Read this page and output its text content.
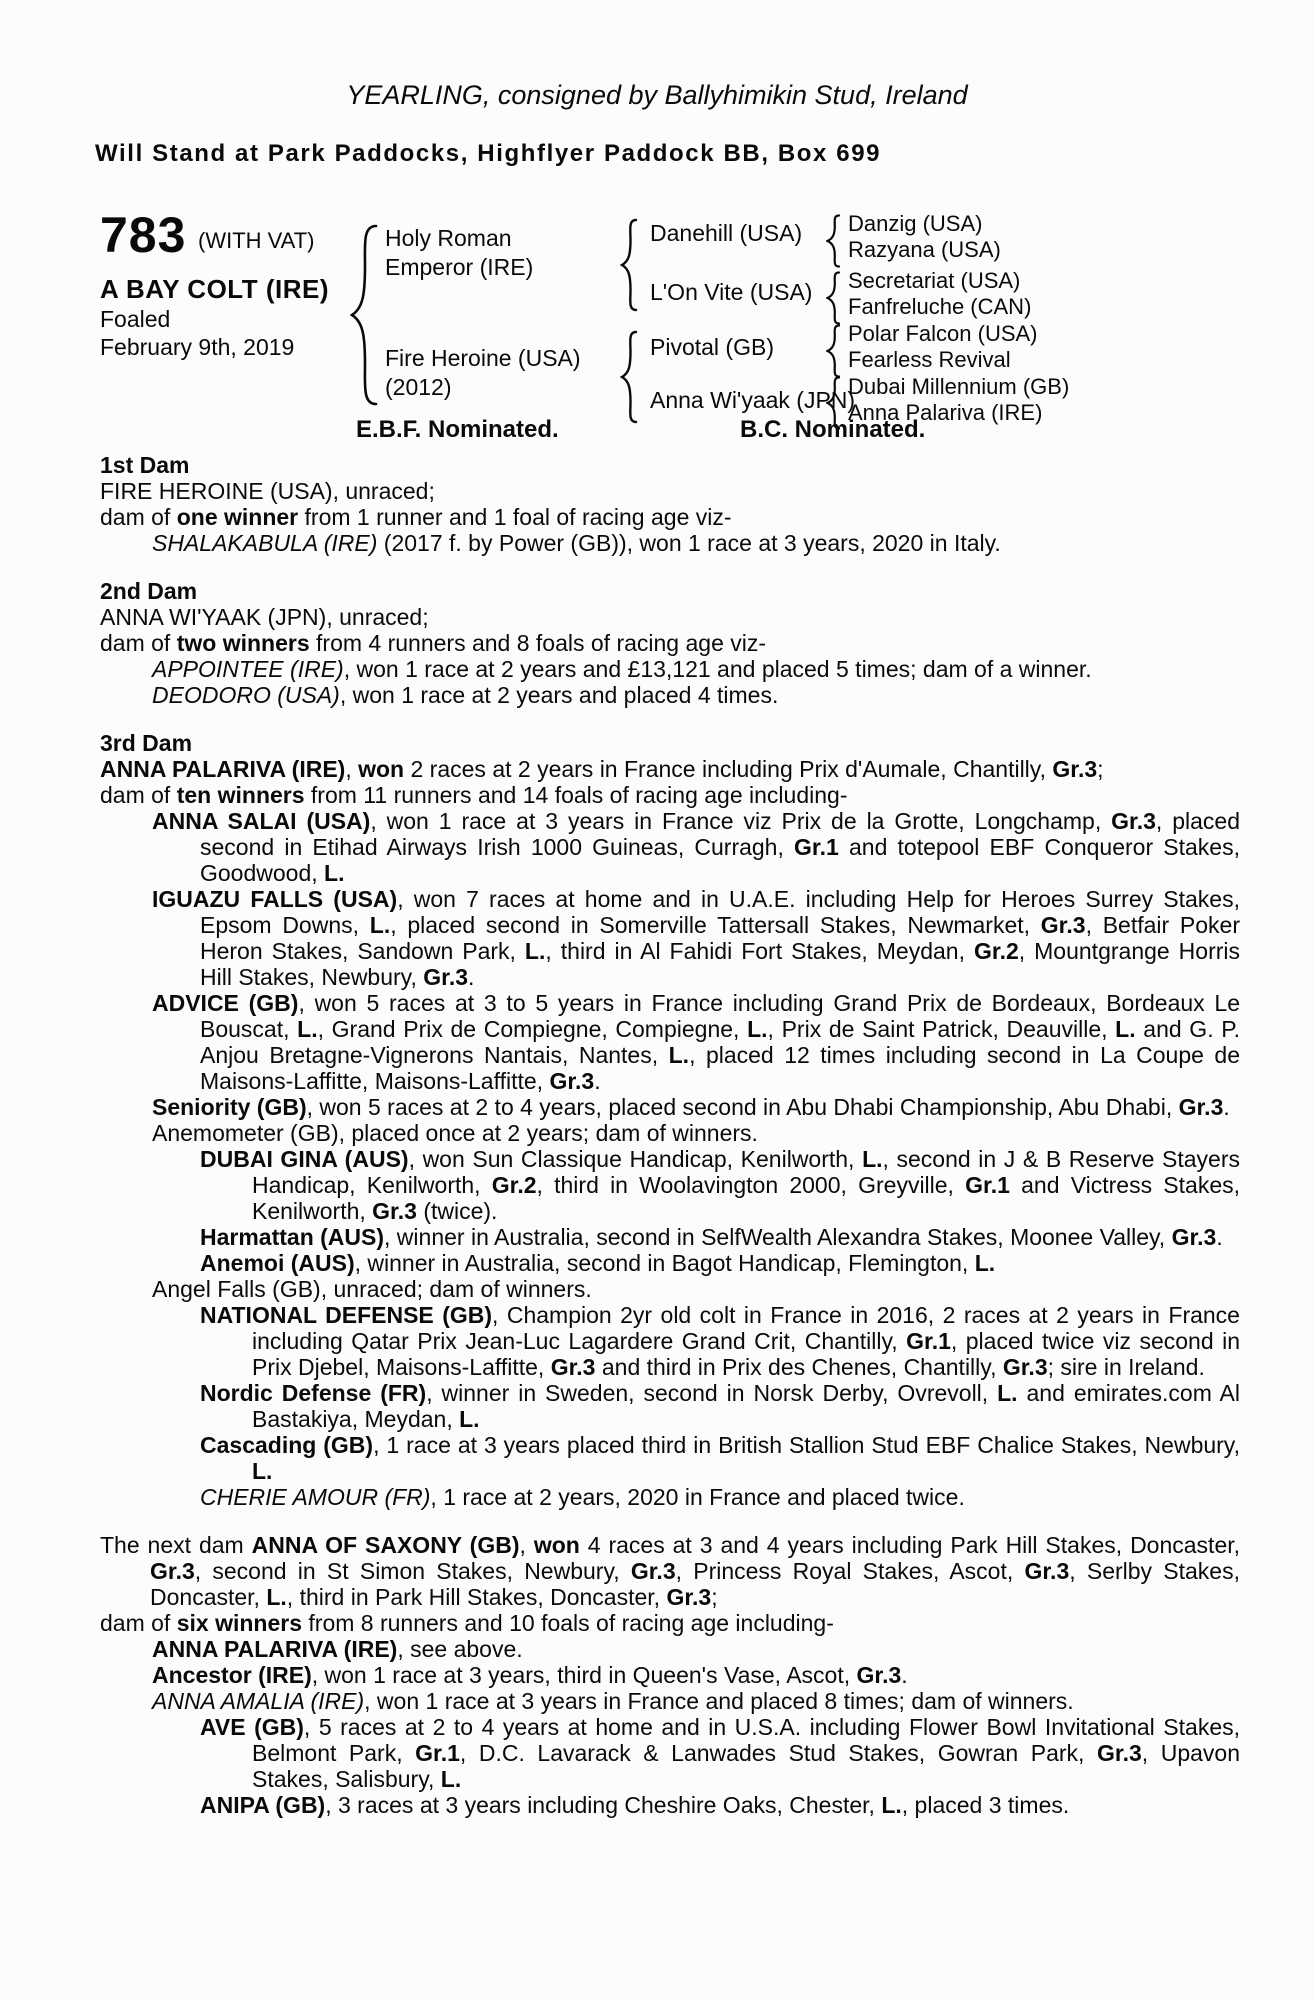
YEARLING, consigned by Ballyhimikin Stud, Ireland
Will Stand at Park Paddocks, Highflyer Paddock BB, Box 699
783 (WITH VAT)
A BAY COLT (IRE)
Foaled
February 9th, 2019
Holy Roman
Emperor (IRE)
Fire Heroine (USA)
(2012)
Danehill (USA)
L'On Vite (USA)
Pivotal (GB)
Anna Wi'yaak (JPN)
Danzig (USA)
Razyana (USA)
Secretariat (USA)
Fanfreluche (CAN)
Polar Falcon (USA)
Fearless Revival
Dubai Millennium (GB)
Anna Palariva (IRE)
E.B.F. Nominated.	B.C. Nominated.
1st Dam
FIRE HEROINE (USA), unraced;
dam of one winner from 1 runner and 1 foal of racing age viz-
SHALAKABULA (IRE) (2017 f. by Power (GB)), won 1 race at 3 years, 2020 in Italy.
2nd Dam
ANNA WI'YAAK (JPN), unraced;
dam of two winners from 4 runners and 8 foals of racing age viz-
APPOINTEE (IRE), won 1 race at 2 years and £13,121 and placed 5 times; dam of a winner.
DEODORO (USA), won 1 race at 2 years and placed 4 times.
3rd Dam
ANNA PALARIVA (IRE), won 2 races at 2 years in France including Prix d'Aumale, Chantilly, Gr.3;
dam of ten winners from 11 runners and 14 foals of racing age including-
ANNA SALAI (USA), won 1 race at 3 years in France viz Prix de la Grotte, Longchamp, Gr.3, placed second in Etihad Airways Irish 1000 Guineas, Curragh, Gr.1 and totepool EBF Conqueror Stakes, Goodwood, L.
IGUAZU FALLS (USA), won 7 races at home and in U.A.E. including Help for Heroes Surrey Stakes, Epsom Downs, L., placed second in Somerville Tattersall Stakes, Newmarket, Gr.3, Betfair Poker Heron Stakes, Sandown Park, L., third in Al Fahidi Fort Stakes, Meydan, Gr.2, Mountgrange Horris Hill Stakes, Newbury, Gr.3.
ADVICE (GB), won 5 races at 3 to 5 years in France including Grand Prix de Bordeaux, Bordeaux Le Bouscat, L., Grand Prix de Compiegne, Compiegne, L., Prix de Saint Patrick, Deauville, L. and G. P. Anjou Bretagne-Vignerons Nantais, Nantes, L., placed 12 times including second in La Coupe de Maisons-Laffitte, Maisons-Laffitte, Gr.3.
Seniority (GB), won 5 races at 2 to 4 years, placed second in Abu Dhabi Championship, Abu Dhabi, Gr.3.
Anemometer (GB), placed once at 2 years; dam of winners.
DUBAI GINA (AUS), won Sun Classique Handicap, Kenilworth, L., second in J & B Reserve Stayers Handicap, Kenilworth, Gr.2, third in Woolavington 2000, Greyville, Gr.1 and Victress Stakes, Kenilworth, Gr.3 (twice).
Harmattan (AUS), winner in Australia, second in SelfWealth Alexandra Stakes, Moonee Valley, Gr.3.
Anemoi (AUS), winner in Australia, second in Bagot Handicap, Flemington, L.
Angel Falls (GB), unraced; dam of winners.
NATIONAL DEFENSE (GB), Champion 2yr old colt in France in 2016, 2 races at 2 years in France including Qatar Prix Jean-Luc Lagardere Grand Crit, Chantilly, Gr.1, placed twice viz second in Prix Djebel, Maisons-Laffitte, Gr.3 and third in Prix des Chenes, Chantilly, Gr.3; sire in Ireland.
Nordic Defense (FR), winner in Sweden, second in Norsk Derby, Ovrevoll, L. and emirates.com Al Bastakiya, Meydan, L.
Cascading (GB), 1 race at 3 years placed third in British Stallion Stud EBF Chalice Stakes, Newbury, L.
CHERIE AMOUR (FR), 1 race at 2 years, 2020 in France and placed twice.
The next dam ANNA OF SAXONY (GB), won 4 races at 3 and 4 years including Park Hill Stakes, Doncaster, Gr.3, second in St Simon Stakes, Newbury, Gr.3, Princess Royal Stakes, Ascot, Gr.3, Serlby Stakes, Doncaster, L., third in Park Hill Stakes, Doncaster, Gr.3;
dam of six winners from 8 runners and 10 foals of racing age including-
ANNA PALARIVA (IRE), see above.
Ancestor (IRE), won 1 race at 3 years, third in Queen's Vase, Ascot, Gr.3.
ANNA AMALIA (IRE), won 1 race at 3 years in France and placed 8 times; dam of winners.
AVE (GB), 5 races at 2 to 4 years at home and in U.S.A. including Flower Bowl Invitational Stakes, Belmont Park, Gr.1, D.C. Lavarack & Lanwades Stud Stakes, Gowran Park, Gr.3, Upavon Stakes, Salisbury, L.
ANIPA (GB), 3 races at 3 years including Cheshire Oaks, Chester, L., placed 3 times.
